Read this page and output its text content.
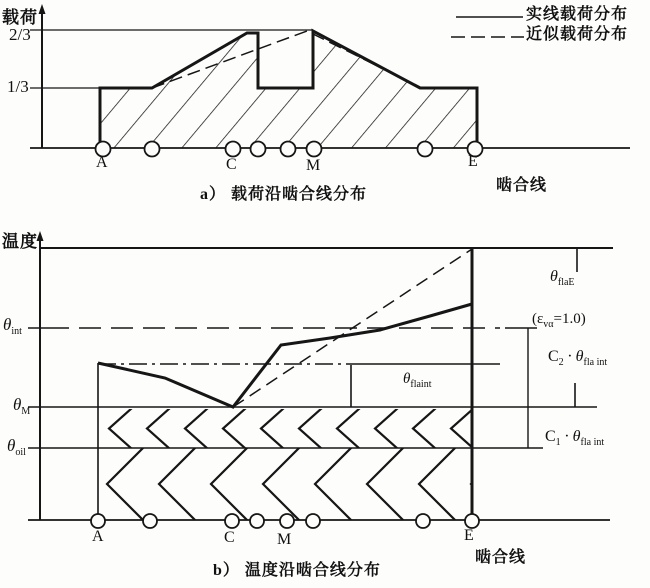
载荷
2/3
1/3
实线载荷分布
近似载荷分布
A	C	M	E
啮合线
a） 载荷沿啮合线分布
温度
$\theta_{int}$
$\theta_M$
$\theta_{oil}$
A	C	M	E
啮合线
b） 温度沿啮合线分布
$\theta_{flaint}$
$\theta_{flaE}$
$(\varepsilon_{v\alpha}=1.0)$
$C_2 \cdot \theta_{fla int}$
$C_1 \cdot \theta_{fla int}$
